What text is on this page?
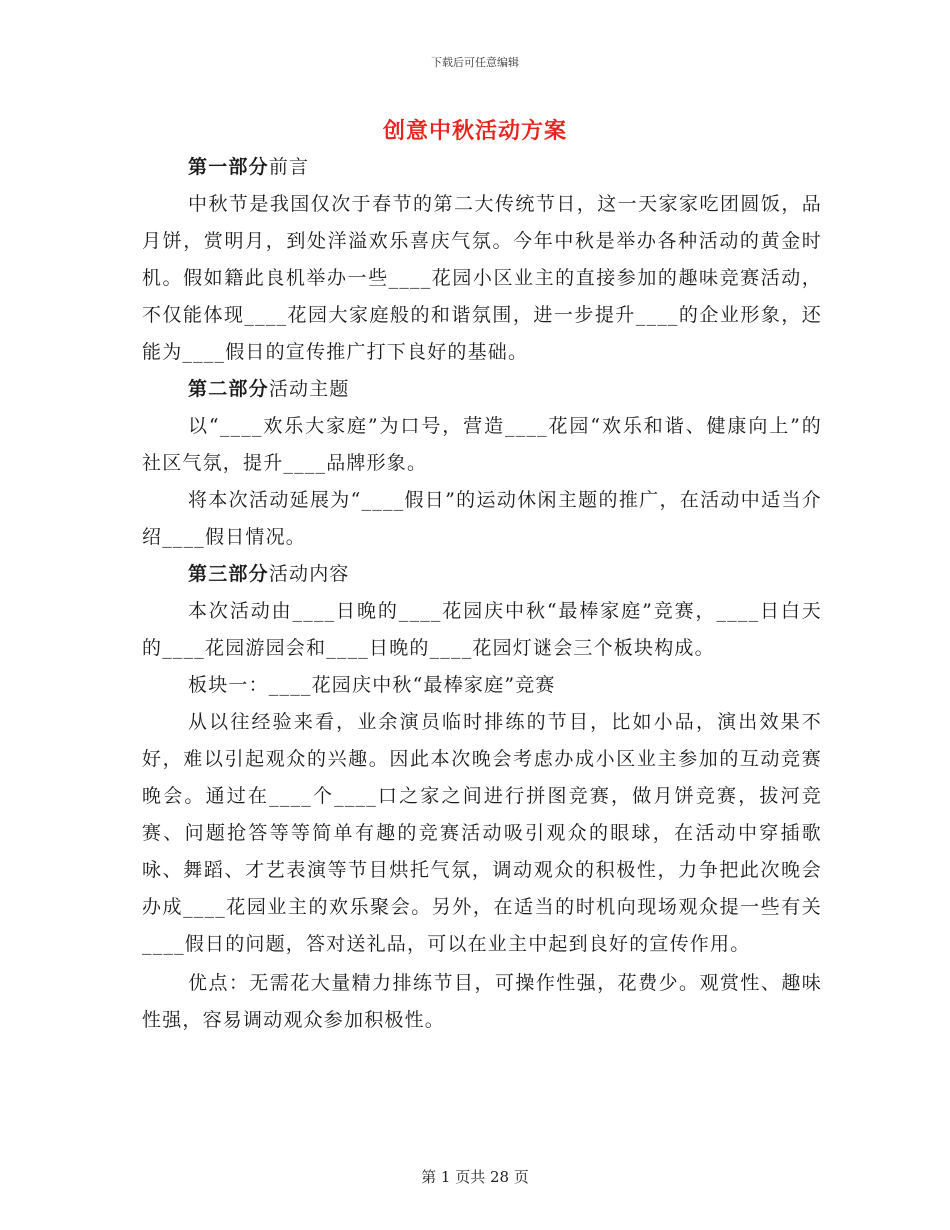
下载后可任意编辑
创意中秋活动方案

第一部分前言

中秋节是我国仅次于春节的第二大传统节日，这一天家家吃团圆饭，品月饼，赏明月，到处洋溢欢乐喜庆气氛。今年中秋是举办各种活动的黄金时机。假如籍此良机举办一些____花园小区业主的直接参加的趣味竞赛活动，不仅能体现____花园大家庭般的和谐氛围，进一步提升____的企业形象，还能为____假日的宣传推广打下良好的基础。

第二部分活动主题

以“____欢乐大家庭”为口号，营造____花园“欢乐和谐、健康向上”的社区气氛，提升____品牌形象。

将本次活动延展为“____假日”的运动休闲主题的推广，在活动中适当介绍____假日情况。

第三部分活动内容

本次活动由____日晚的____花园庆中秋“最棒家庭”竞赛，____日白天的____花园游园会和____日晚的____花园灯谜会三个板块构成。

板块一：____花园庆中秋“最棒家庭”竞赛

从以往经验来看，业余演员临时排练的节目，比如小品，演出效果不好，难以引起观众的兴趣。因此本次晚会考虑办成小区业主参加的互动竞赛晚会。通过在____个____口之家之间进行拼图竞赛，做月饼竞赛，拔河竞赛、问题抢答等等简单有趣的竞赛活动吸引观众的眼球，在活动中穿插歌咏、舞蹈、才艺表演等节目烘托气氛，调动观众的积极性，力争把此次晚会办成____花园业主的欢乐聚会。另外，在适当的时机向现场观众提一些有关____假日的问题，答对送礼品，可以在业主中起到良好的宣传作用。

优点：无需花大量精力排练节目，可操作性强，花费少。观赏性、趣味性强，容易调动观众参加积极性。

第 1 页共 28 页
